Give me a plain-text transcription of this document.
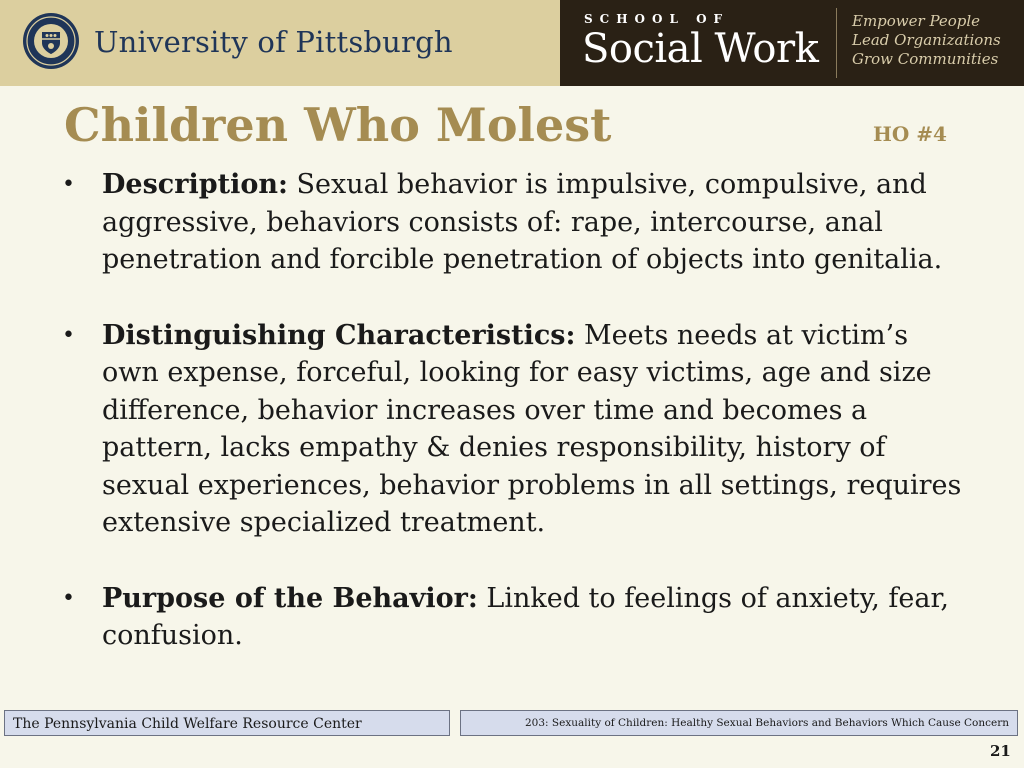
University of Pittsburgh
SCHOOL OF
Social Work
Empower People
Lead Organizations
Grow Communities
Children Who Molest	HO #4
• Description: Sexual behavior is impulsive, compulsive, and aggressive, behaviors consists of: rape, intercourse, anal penetration and forcible penetration of objects into genitalia.
• Distinguishing Characteristics: Meets needs at victim’s own expense, forceful, looking for easy victims, age and size difference, behavior increases over time and becomes a pattern, lacks empathy & denies responsibility, history of sexual experiences, behavior problems in all settings, requires extensive specialized treatment.
• Purpose of the Behavior: Linked to feelings of anxiety, fear, confusion.
The Pennsylvania Child Welfare Resource Center	203: Sexuality of Children: Healthy Sexual Behaviors and Behaviors Which Cause Concern
21
